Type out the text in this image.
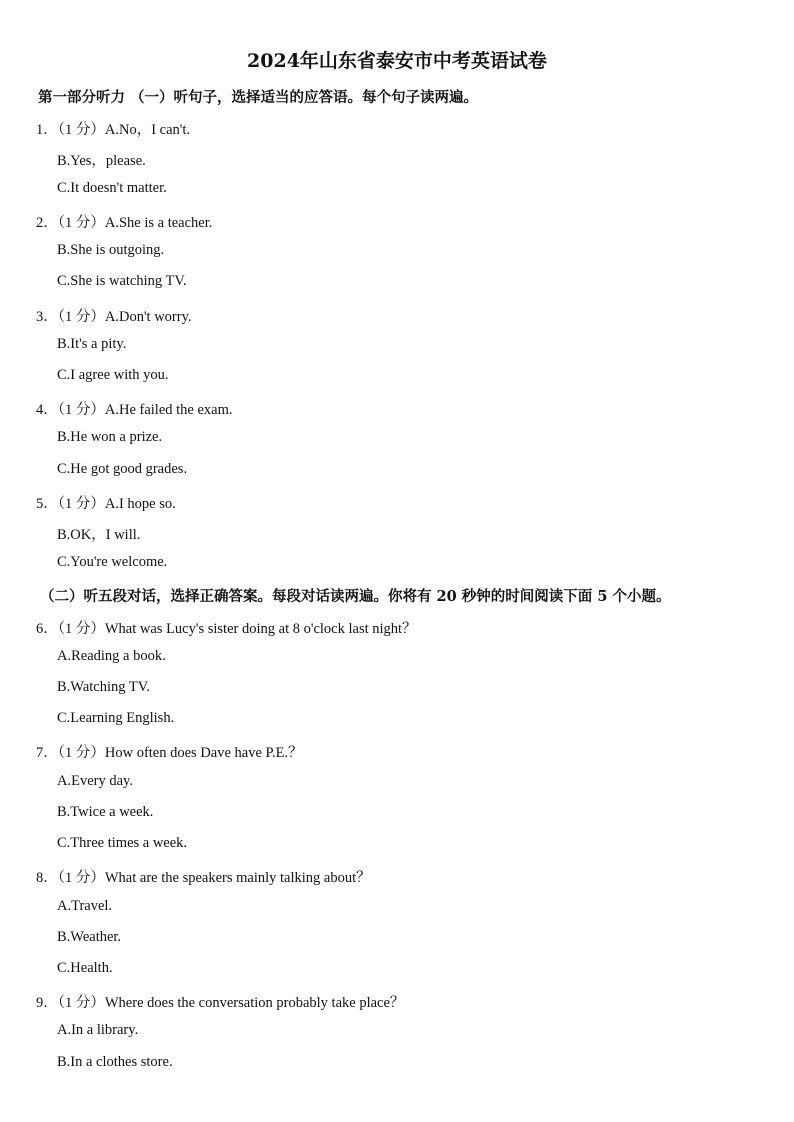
2024年山东省泰安市中考英语试卷
第一部分听力 （一）听句子，选择适当的应答语。每个句子读两遍。
1．（1 分）A.No，I can't.
B.Yes，please.
C.It doesn't matter.
2．（1 分）A.She is a teacher.
B.She is outgoing.
C.She is watching TV.
3．（1 分）A.Don't worry.
B.It's a pity.
C.I agree with you.
4．（1 分）A.He failed the exam.
B.He won a prize.
C.He got good grades.
5．（1 分）A.I hope so.
B.OK，I will.
C.You're welcome.
（二）听五段对话，选择正确答案。每段对话读两遍。你将有 20 秒钟的时间阅读下面 5 个小题。
6．（1 分）What was Lucy's sister doing at 8 o'clock last night？
A.Reading a book.
B.Watching TV.
C.Learning English.
7．（1 分）How often does Dave have P.E.？
A.Every day.
B.Twice a week.
C.Three times a week.
8．（1 分）What are the speakers mainly talking about？
A.Travel.
B.Weather.
C.Health.
9．（1 分）Where does the conversation probably take place？
A.In a library.
B.In a clothes store.
